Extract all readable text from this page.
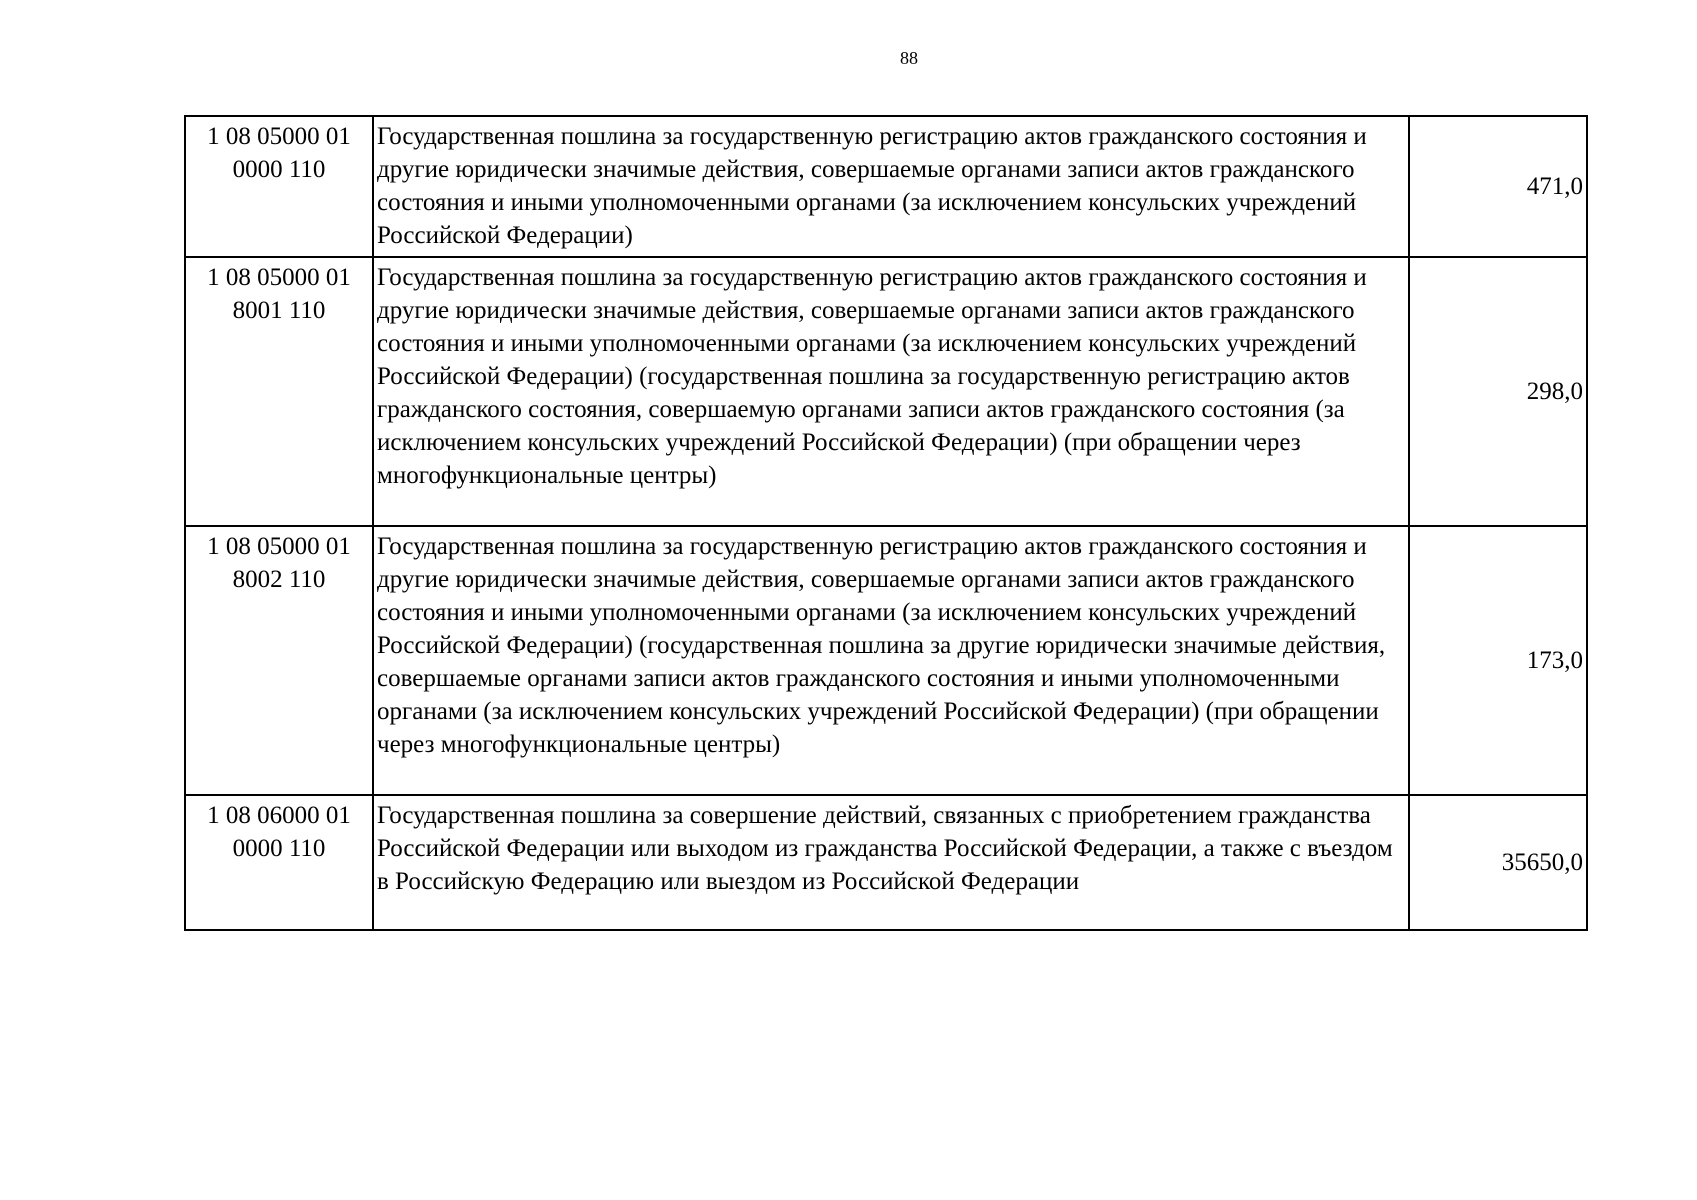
88
1 08 05000 01 0000 110	Государственная пошлина за государственную регистрацию актов гражданского состояния и другие юридически значимые действия, совершаемые органами записи актов гражданского состояния и иными уполномоченными органами (за исключением консульских учреждений Российской Федерации)	471,0
1 08 05000 01 8001 110	Государственная пошлина за государственную регистрацию актов гражданского состояния и другие юридически значимые действия, совершаемые органами записи актов гражданского состояния и иными уполномоченными органами (за исключением консульских учреждений Российской Федерации) (государственная пошлина за государственную регистрацию актов гражданского состояния, совершаемую органами записи актов гражданского состояния (за исключением консульских учреждений Российской Федерации) (при обращении через многофункциональные центры)	298,0
1 08 05000 01 8002 110	Государственная пошлина за государственную регистрацию актов гражданского состояния и другие юридически значимые действия, совершаемые органами записи актов гражданского состояния и иными уполномоченными органами (за исключением консульских учреждений Российской Федерации) (государственная пошлина за другие юридически значимые действия, совершаемые органами записи актов гражданского состояния и иными уполномоченными органами (за исключением консульских учреждений Российской Федерации) (при обращении через многофункциональные центры)	173,0
1 08 06000 01 0000 110	Государственная пошлина за совершение действий, связанных с приобретением гражданства Российской Федерации или выходом из гражданства Российской Федерации, а также с въездом в Российскую Федерацию или выездом из Российской Федерации	35650,0
